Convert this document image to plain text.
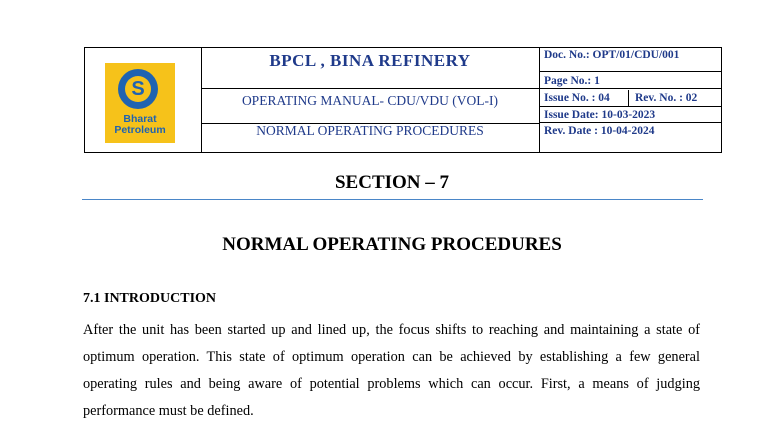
S
Bharat
Petroleum
BPCL , BINA REFINERY
OPERATING MANUAL- CDU/VDU (VOL-I)
NORMAL OPERATING PROCEDURES
Doc. No.: OPT/01/CDU/001
Page No.: 1
Issue No. : 04	Rev. No. : 02
Issue Date: 10-03-2023
Rev. Date : 10-04-2024
SECTION – 7
NORMAL OPERATING PROCEDURES
7.1 INTRODUCTION
After the unit has been started up and lined up, the focus shifts to reaching and maintaining a state of optimum operation. This state of optimum operation can be achieved by establishing a few general operating rules and being aware of potential problems which can occur. First, a means of judging performance must be defined.
